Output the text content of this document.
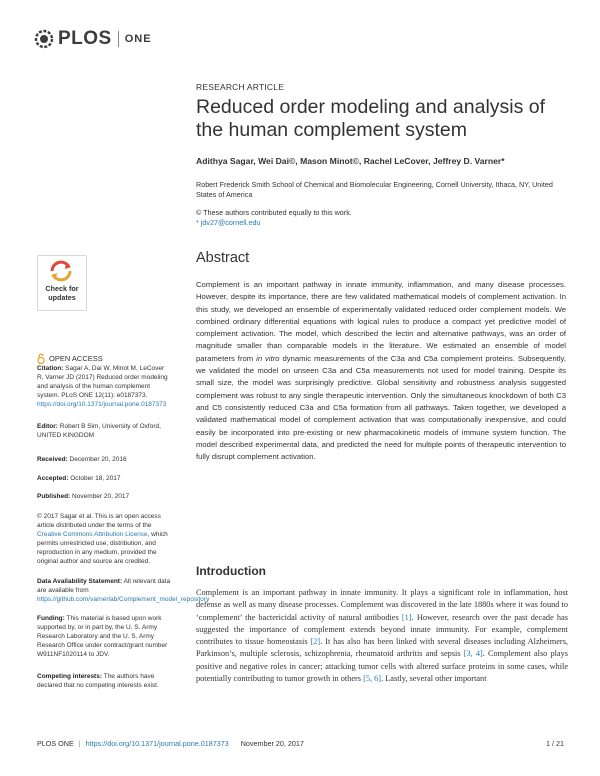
PLOS ONE
RESEARCH ARTICLE
Reduced order modeling and analysis of the human complement system
Adithya Sagar, Wei Dai©, Mason Minot©, Rachel LeCover, Jeffrey D. Varner*
Robert Frederick Smith School of Chemical and Biomolecular Engineering, Cornell University, Ithaca, NY, United States of America
© These authors contributed equally to this work.
* jdv27@cornell.edu
Check for
updates
OPEN ACCESS
Citation: Sagar A, Dai W, Minot M, LeCover R, Varner JD (2017) Reduced order modeling and analysis of the human complement system. PLoS ONE 12(11): e0187373. https://doi.org/10.1371/journal.pone.0187373
Editor: Robert B Sim, University of Oxford, UNITED KINGDOM
Received: December 20, 2016
Accepted: October 18, 2017
Published: November 20, 2017
© 2017 Sagar et al. This is an open access article distributed under the terms of the Creative Commons Attribution License, which permits unrestricted use, distribution, and reproduction in any medium, provided the original author and source are credited.
Data Availability Statement: All relevant data are available from https://github.com/varnerlab/Complement_model_repository
Funding: This material is based upon work supported by, or in part by, the U. S. Army Research Laboratory and the U. S. Army Research Office under contract/grant number W911NF1020114 to JDV.
Competing interests: The authors have declared that no competing interests exist.
Abstract
Complement is an important pathway in innate immunity, inflammation, and many disease processes. However, despite its importance, there are few validated mathematical models of complement activation. In this study, we developed an ensemble of experimentally validated reduced order complement models. We combined ordinary differential equations with logical rules to produce a compact yet predictive model of complement activation. The model, which described the lectin and alternative pathways, was an order of magnitude smaller than comparable models in the literature. We estimated an ensemble of model parameters from in vitro dynamic measurements of the C3a and C5a complement proteins. Subsequently, we validated the model on unseen C3a and C5a measurements not used for model training. Despite its small size, the model was surprisingly predictive. Global sensitivity and robustness analysis suggested complement was robust to any single therapeutic intervention. Only the simultaneous knockdown of both C3 and C5 consistently reduced C3a and C5a formation from all pathways. Taken together, we developed a validated mathematical model of complement activation that was computationally inexpensive, and could easily be incorporated into pre-existing or new pharmacokinetic models of immune system function. The model described experimental data, and predicted the need for multiple points of therapeutic intervention to fully disrupt complement activation.
Introduction
Complement is an important pathway in innate immunity. It plays a significant role in inflammation, host defense as well as many disease processes. Complement was discovered in the late 1880s where it was found to ‘complement’ the bactericidal activity of natural antibodies [1]. However, research over the past decade has suggested the importance of complement extends beyond innate immunity. For example, complement contributes to tissue homeostasis [2]. It has also has been linked with several diseases including Alzheimers, Parkinson’s, multiple sclerosis, schizophrenia, rheumatoid arthritis and sepsis [3, 4]. Complement also plays positive and negative roles in cancer; attacking tumor cells with altered surface proteins in some cases, while potentially contributing to tumor growth in others [5, 6]. Lastly, several other important
PLOS ONE | https://doi.org/10.1371/journal.pone.0187373
November 20, 2017	1 / 21
